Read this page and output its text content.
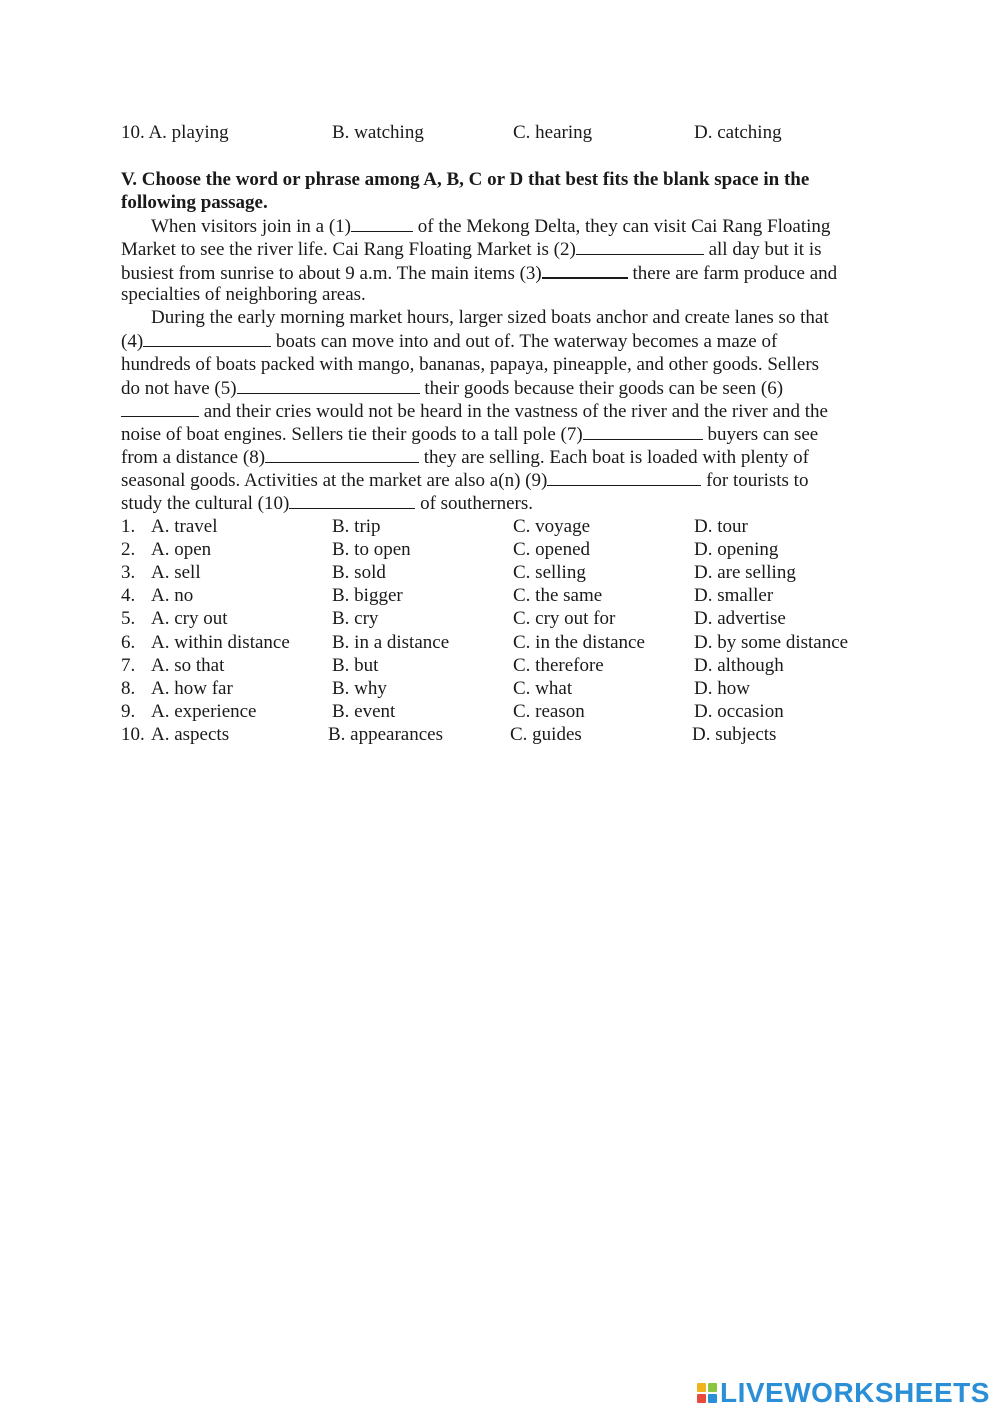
10. A. playing	B. watching	C. hearing	D. catching
V. Choose the word or phrase among A, B, C or D that best fits the blank space in the
following passage.
When visitors join in a (1)	of the Mekong Delta, they can visit Cai Rang Floating
Market to see the river life. Cai Rang Floating Market is (2)	all day but it is
busiest from sunrise to about 9 a.m. The main items (3)	there are farm produce and
specialties of neighboring areas.
During the early morning market hours, larger sized boats anchor and create lanes so that
(4)	boats can move into and out of. The waterway becomes a maze of
hundreds of boats packed with mango, bananas, papaya, pineapple, and other goods. Sellers
do not have (5)	their goods because their goods can be seen (6)
and their cries would not be heard in the vastness of the river and the river and the
noise of boat engines. Sellers tie their goods to a tall pole (7)	buyers can see
from a distance (8)	they are selling. Each boat is loaded with plenty of
seasonal goods. Activities at the market are also a(n) (9)	for tourists to
study the cultural (10)	of southerners.
1. A. travel	B. trip	C. voyage	D. tour
2. A. open	B. to open	C. opened	D. opening
3. A. sell	B. sold	C. selling	D. are selling
4. A. no	B. bigger	C. the same	D. smaller
5. A. cry out	B. cry	C. cry out for	D. advertise
6. A. within distance B. in a distance	C. in the distance	D. by some distance
7. A. so that	B. but	C. therefore	D. although
8. A. how far	B. why	C. what	D. how
9. A. experience	B. event	C. reason	D. occasion
10. A. aspects	B. appearances	C. guides	D. subjects
LIVEWORKSHEETS
